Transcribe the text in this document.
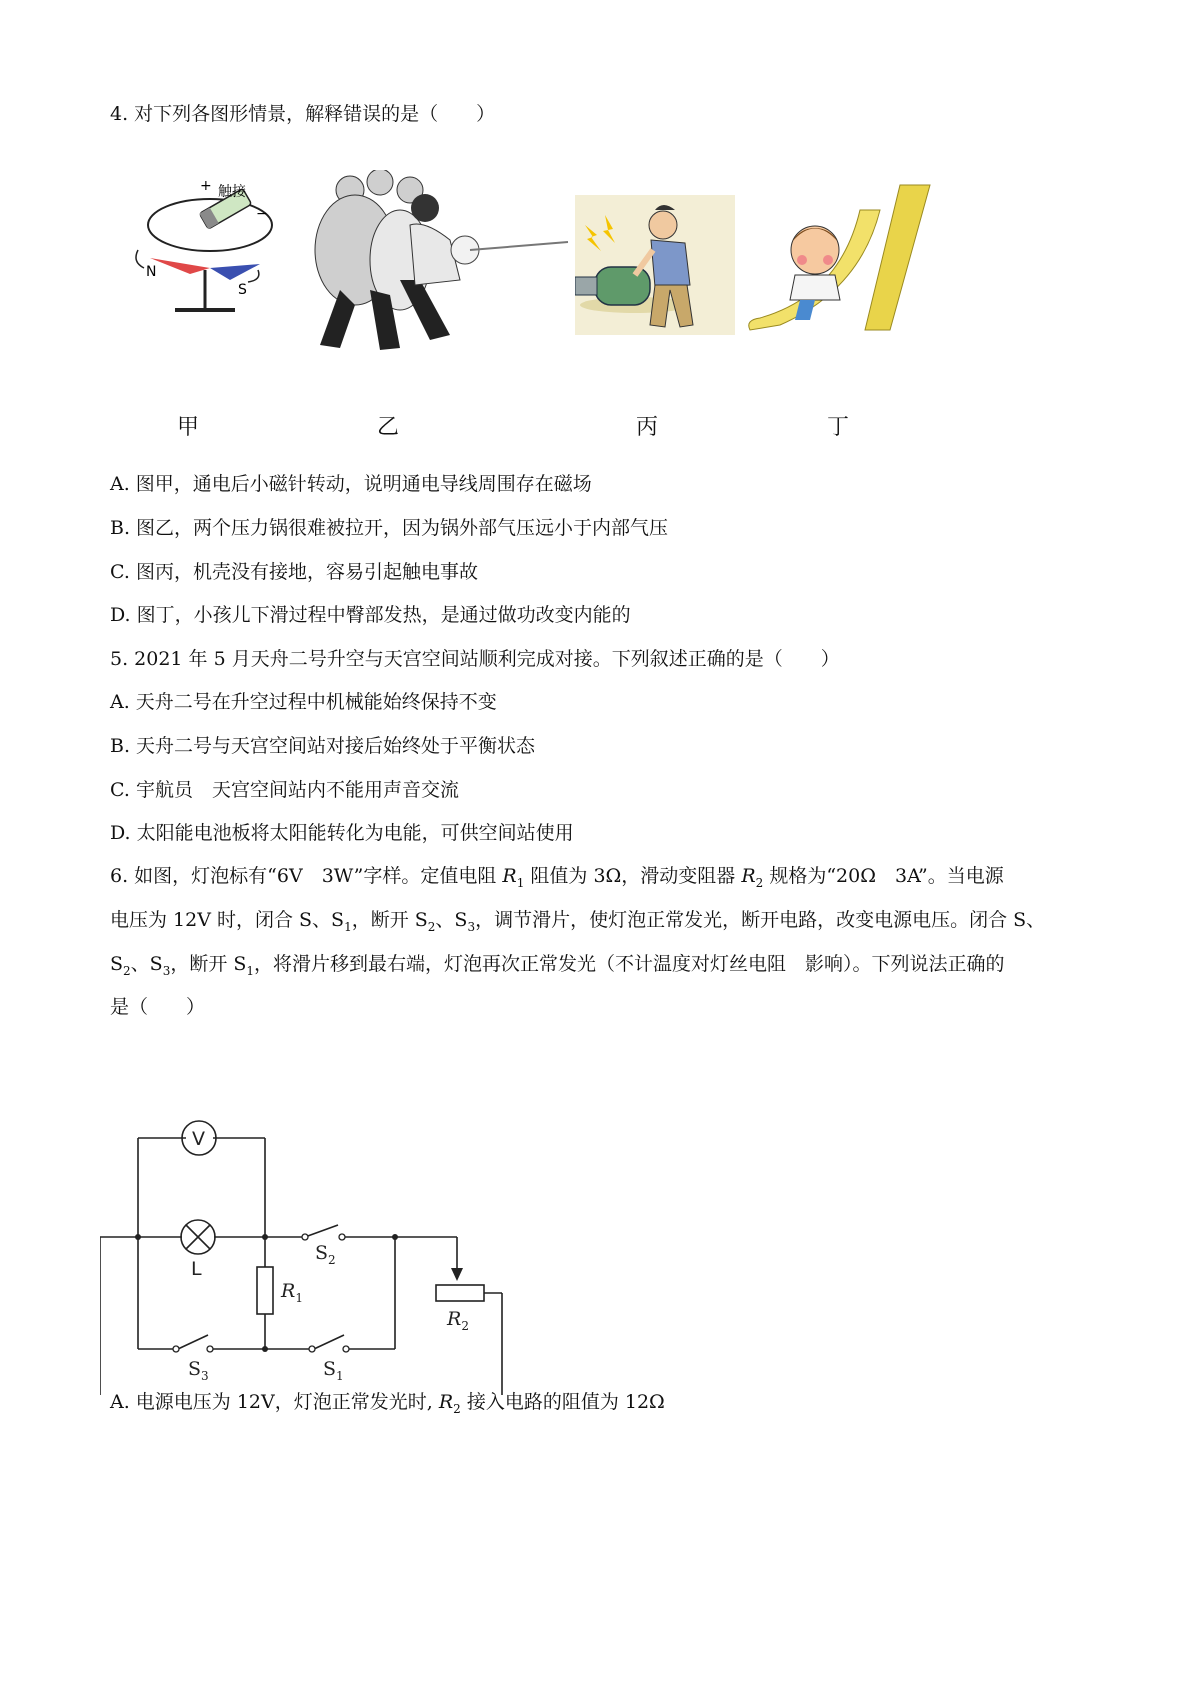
4. 对下列各图形情景，解释错误的是（　　）
+ 触接
−
N
S
甲	乙	丙	丁
A. 图甲，通电后小磁针转动，说明通电导线周围存在磁场
B. 图乙，两个压力锅很难被拉开，因为锅外部气压远小于内部气压
C. 图丙，机壳没有接地，容易引起触电事故
D. 图丁，小孩儿下滑过程中臀部发热，是通过做功改变内能的
5. 2021 年 5 月天舟二号升空与天宫空间站顺利完成对接。下列叙述正确的是（　　）
A. 天舟二号在升空过程中机械能始终保持不变
B. 天舟二号与天宫空间站对接后始终处于平衡状态
C. 宇航员　天宫空间站内不能用声音交流
D. 太阳能电池板将太阳能转化为电能，可供空间站使用
6. 如图，灯泡标有“6V　3W”字样。定值电阻 $R_1$ 阻值为 3Ω，滑动变阻器 $R_2$ 规格为“20Ω　3A”。当电源
电压为 12V 时，闭合 S、$S_1$，断开 $S_2$、$S_3$，调节滑片，使灯泡正常发光，断开电路，改变电源电压。闭合 S、
$S_2$、$S_3$，断开 $S_1$，将滑片移到最右端，灯泡再次正常发光（不计温度对灯丝电阻　影响）。下列说法正确的
是（　　）
V
L
$R_1$
$R_2$
$S_2$
$S_3$	$S_1$
A. 电源电压为 12V，灯泡正常发光时, $R_2$ 接入电路的阻值为 12Ω
